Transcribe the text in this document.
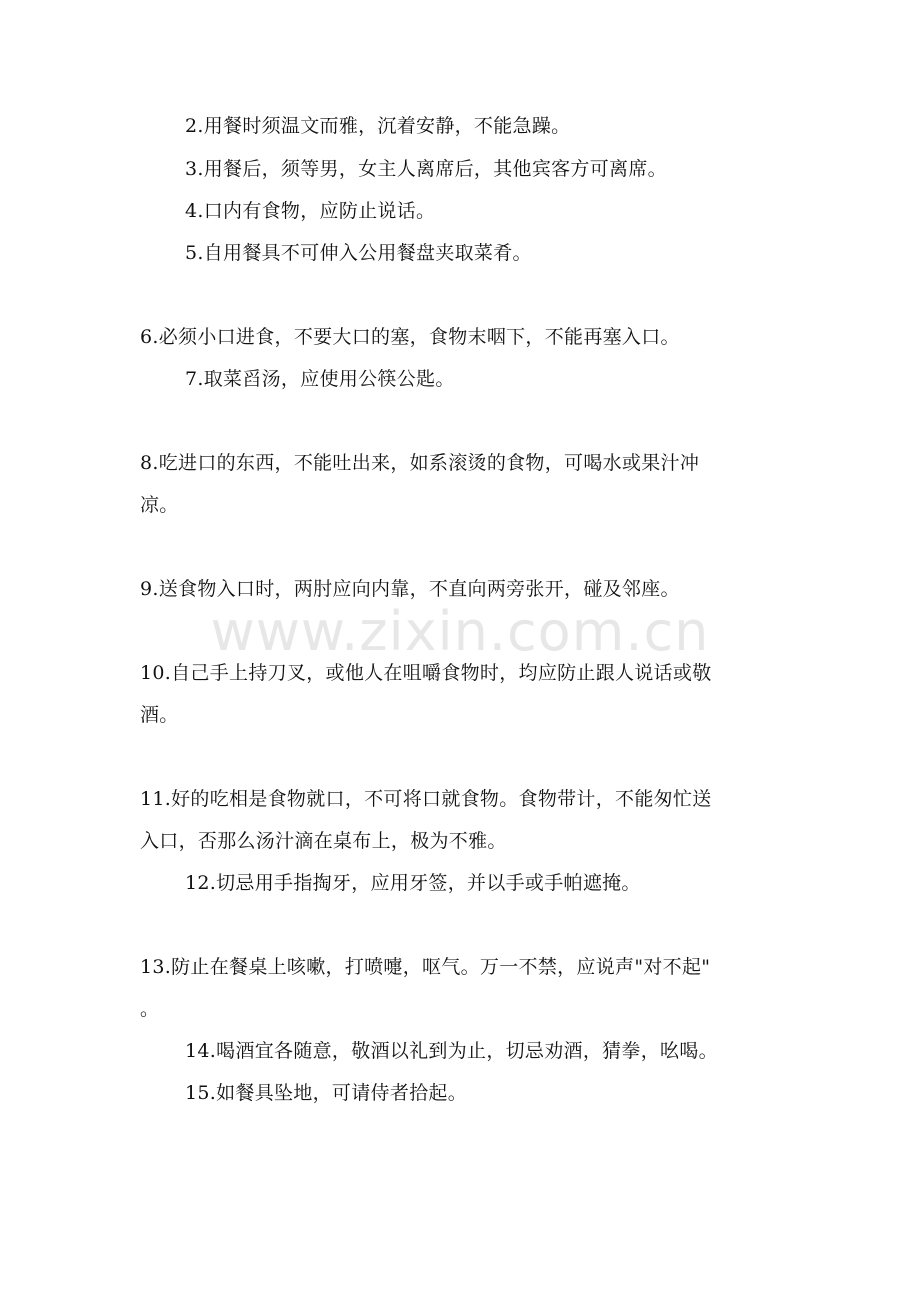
2.用餐时须温文而雅，沉着安静，不能急躁。
3.用餐后，须等男，女主人离席后，其他宾客方可离席。
4.口内有食物，应防止说话。
5.自用餐具不可伸入公用餐盘夹取菜肴。
6.必须小口进食，不要大口的塞，食物末咽下，不能再塞入口。
7.取菜舀汤，应使用公筷公匙。
8.吃进口的东西，不能吐出来，如系滚烫的食物，可喝水或果汁冲
凉。
9.送食物入口时，两肘应向内靠，不直向两旁张开，碰及邻座。
10.自己手上持刀叉，或他人在咀嚼食物时，均应防止跟人说话或敬
酒。
11.好的吃相是食物就口，不可将口就食物。食物带计，不能匆忙送
入口，否那么汤汁滴在桌布上，极为不雅。
12.切忌用手指掏牙，应用牙签，并以手或手帕遮掩。
13.防止在餐桌上咳嗽，打喷嚏，呕气。万一不禁，应说声"对不起"
。
14.喝酒宜各随意，敬酒以礼到为止，切忌劝酒，猜拳，吆喝。
15.如餐具坠地，可请侍者拾起。
www.zixin.com.cn
